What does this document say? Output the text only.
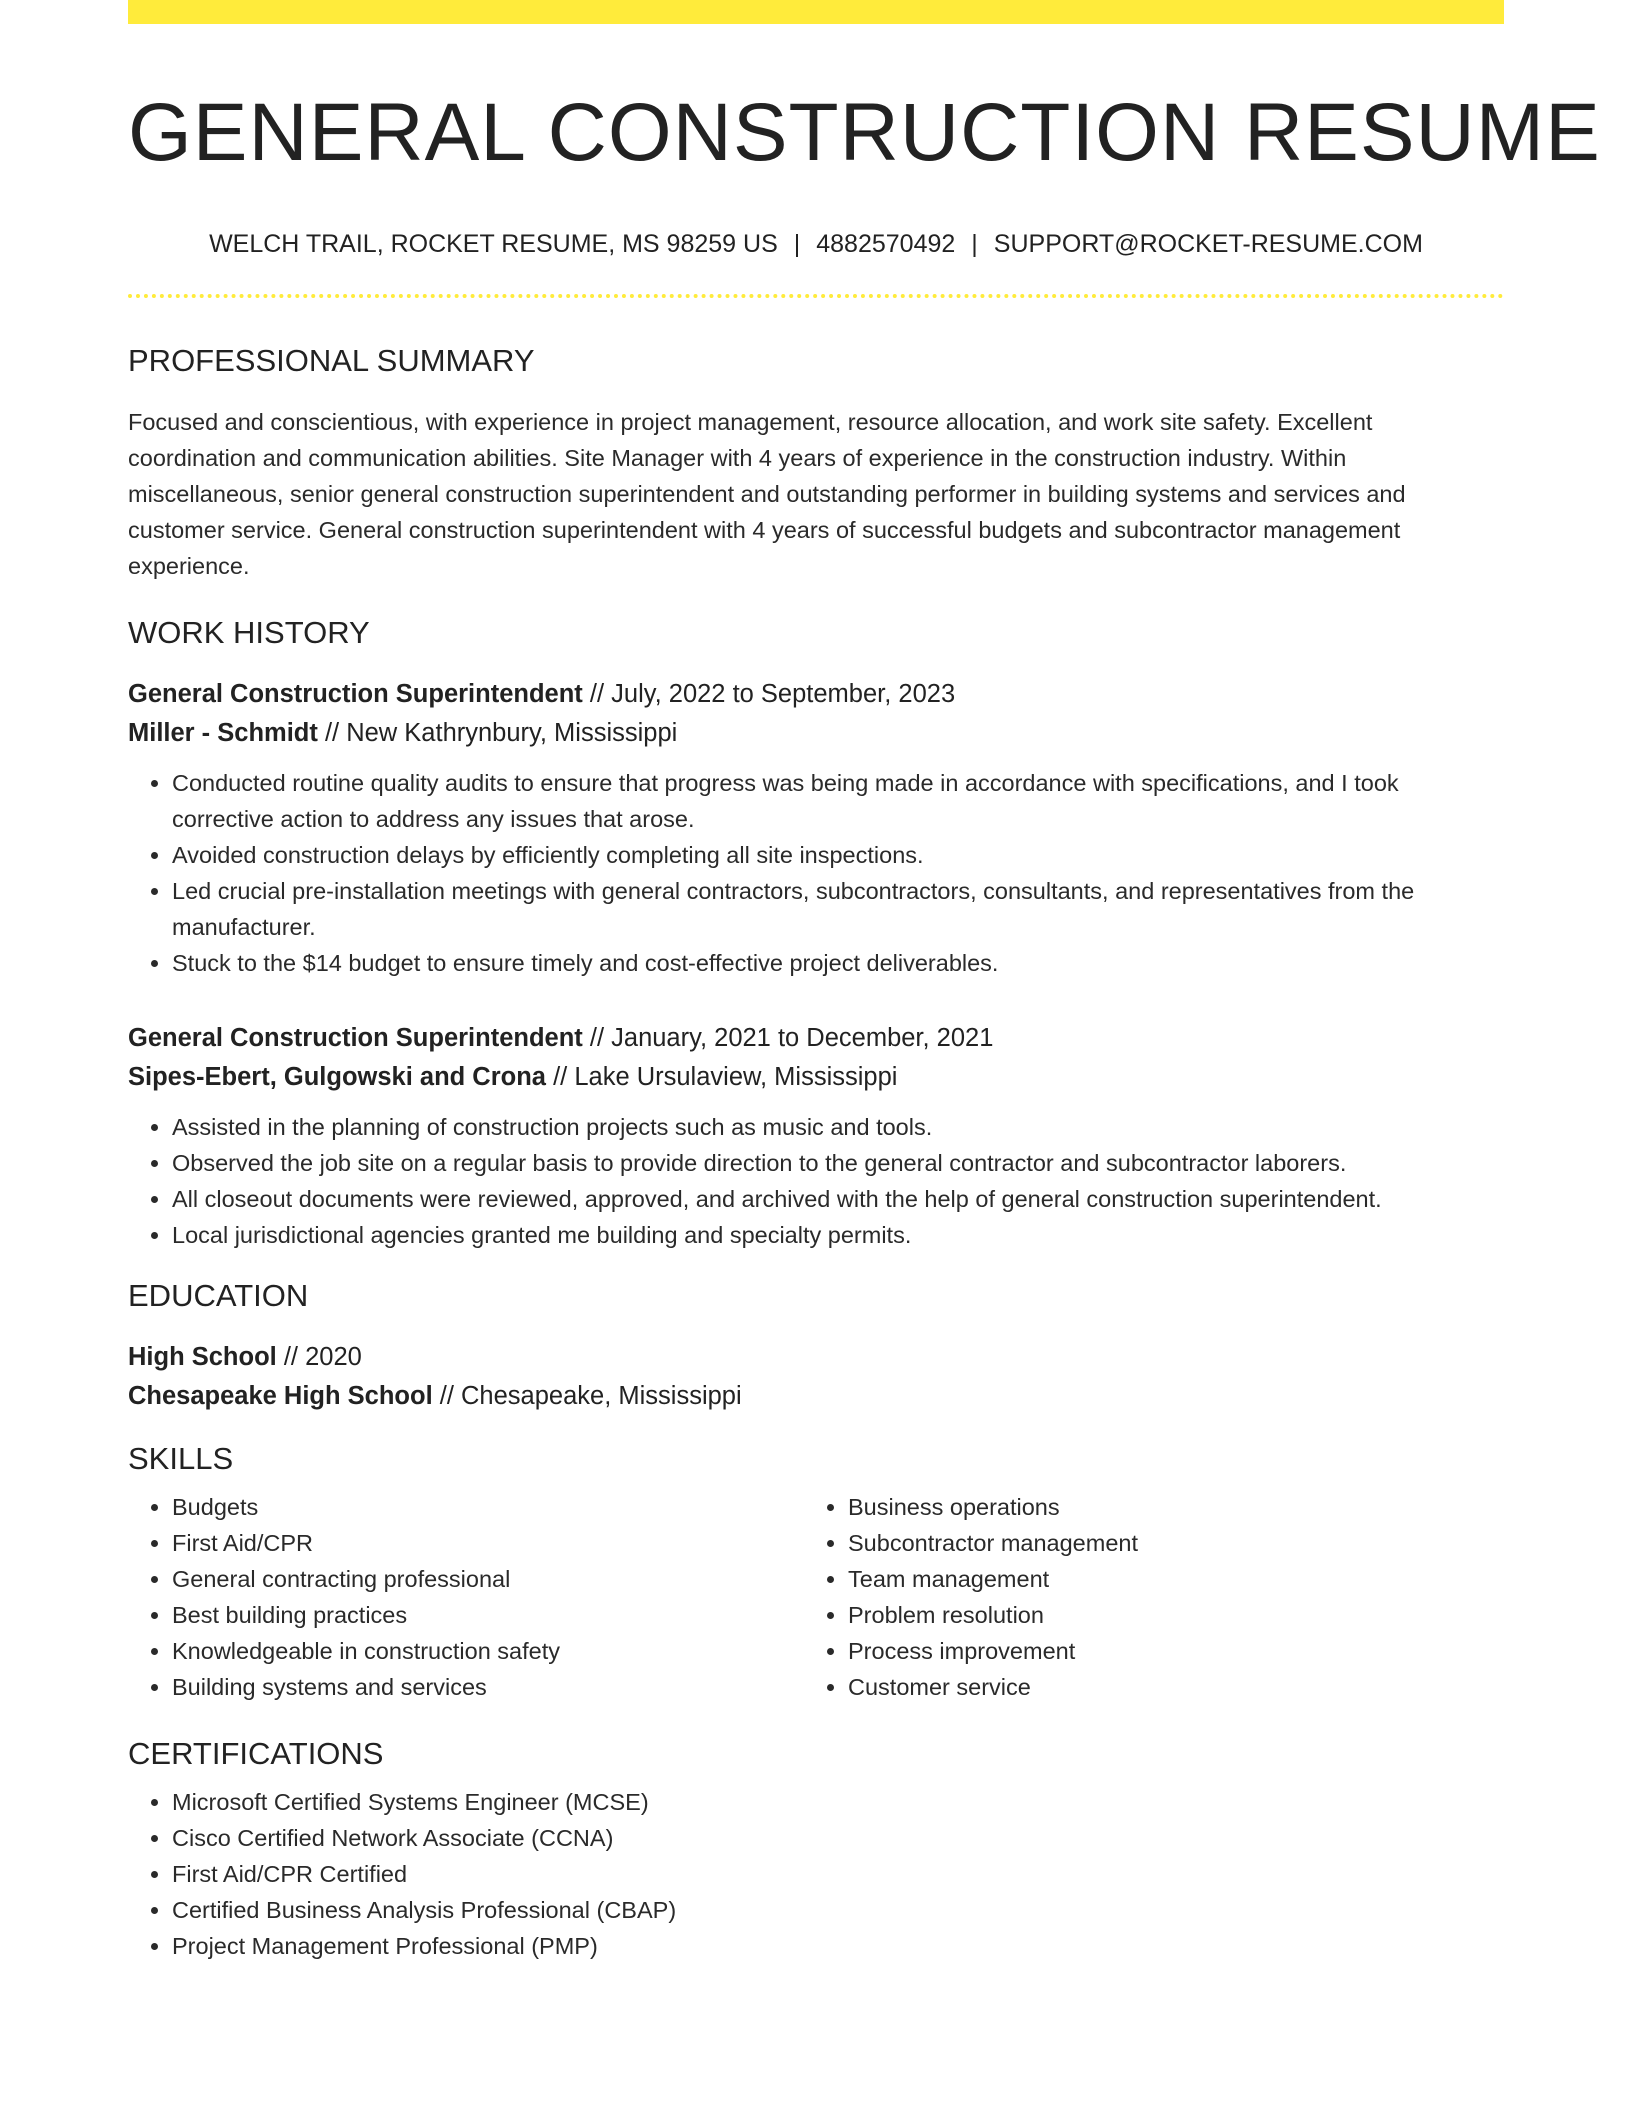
GENERAL CONSTRUCTION RESUME
WELCH TRAIL, ROCKET RESUME, MS 98259 US | 4882570492 | SUPPORT@ROCKET-RESUME.COM
PROFESSIONAL SUMMARY
Focused and conscientious, with experience in project management, resource allocation, and work site safety. Excellent coordination and communication abilities. Site Manager with 4 years of experience in the construction industry. Within miscellaneous, senior general construction superintendent and outstanding performer in building systems and services and customer service. General construction superintendent with 4 years of successful budgets and subcontractor management experience.
WORK HISTORY
General Construction Superintendent // July, 2022 to September, 2023
Miller - Schmidt // New Kathrynbury, Mississippi
• Conducted routine quality audits to ensure that progress was being made in accordance with specifications, and I took corrective action to address any issues that arose.
• Avoided construction delays by efficiently completing all site inspections.
• Led crucial pre-installation meetings with general contractors, subcontractors, consultants, and representatives from the manufacturer.
• Stuck to the $14 budget to ensure timely and cost-effective project deliverables.
General Construction Superintendent // January, 2021 to December, 2021
Sipes-Ebert, Gulgowski and Crona // Lake Ursulaview, Mississippi
• Assisted in the planning of construction projects such as music and tools.
• Observed the job site on a regular basis to provide direction to the general contractor and subcontractor laborers.
• All closeout documents were reviewed, approved, and archived with the help of general construction superintendent.
• Local jurisdictional agencies granted me building and specialty permits.
EDUCATION
High School // 2020
Chesapeake High School // Chesapeake, Mississippi
SKILLS
• Budgets
• First Aid/CPR
• General contracting professional
• Best building practices
• Knowledgeable in construction safety
• Building systems and services
• Business operations
• Subcontractor management
• Team management
• Problem resolution
• Process improvement
• Customer service
CERTIFICATIONS
• Microsoft Certified Systems Engineer (MCSE)
• Cisco Certified Network Associate (CCNA)
• First Aid/CPR Certified
• Certified Business Analysis Professional (CBAP)
• Project Management Professional (PMP)
